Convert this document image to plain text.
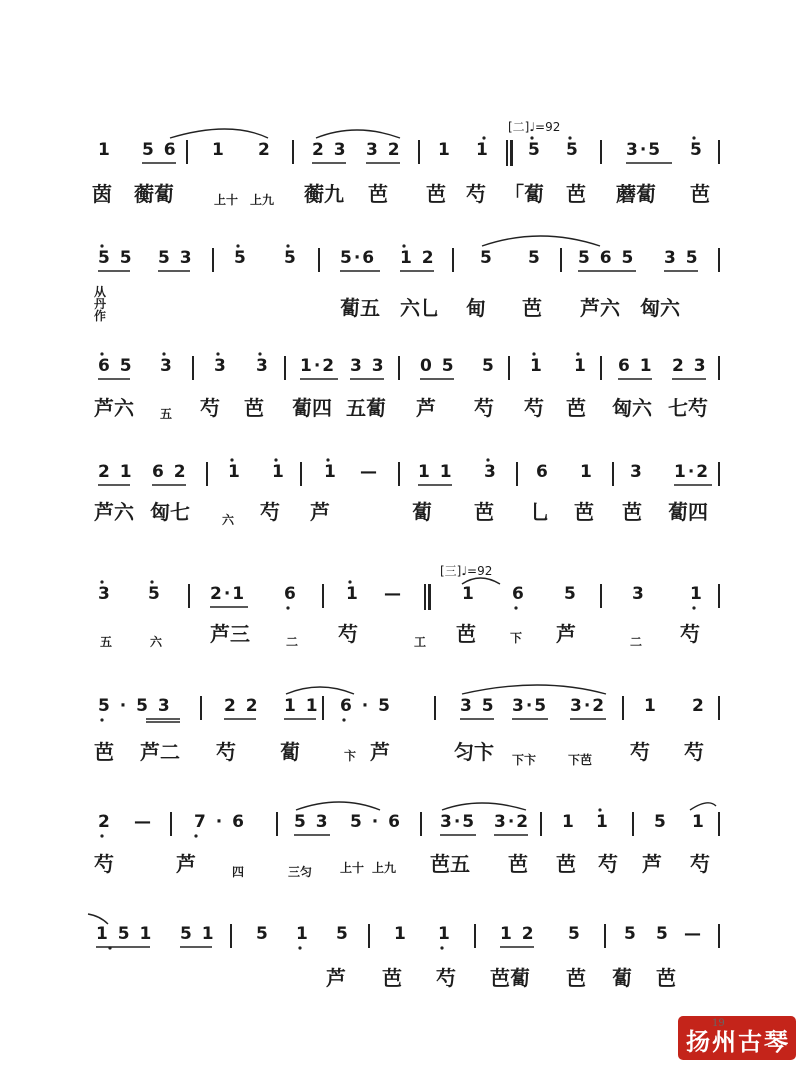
[二]♩=92
[三]♩=92
1 5 6 1 2 2 3 3 2 1 1 5 5	3·5 5
茵 蘅蔔	上十 上九 蘅九 芭 芭 芍 「蔔 芭 蘑蔔 芭
5 5 5 3 5 5 5·6 1 2	5 5 5 6 5 3 5
从丹作	蔔五 六乚 甸 芭 芦六 匈六
6 5 3 3 3 1·2 3 3 0 5 5 1 1 6 1 2 3
芦六 五 芍 芭 蔔四 五蔔 芦 芍 芍 芭 匈六 七芍
2 1 6 2 1 1 1 — 1 1 3 6 1 3 1·2
芦六 匈七	六 芍 芦	蔔 芭 乚 芭 芭 蔔四
3 5	2·1 6	1 —	1 6 5	3	1
五	六 芦三	二 芍	工 芭	下 芦	二 芍
5 · 5 3	2 2 1 1 6 · 5	3 5 3·5 3·2 1 2
芭 芦二 芍 蔔	卞 芦	匀卞 下卞	下芭 芍 芍
2 — 7 · 6	5 3 5 · 6 3·5 3·2 1 1	5 1
芍	芦	四	三匀 上十 上九 芭五 芭 芭 芍 芦 芍
1 5 1 5 1 5 1 5	1 1	1 2 5 5 5 —
芦 芭 芍 芭蔔 芭 蔔 芭
19
扬州古琴
